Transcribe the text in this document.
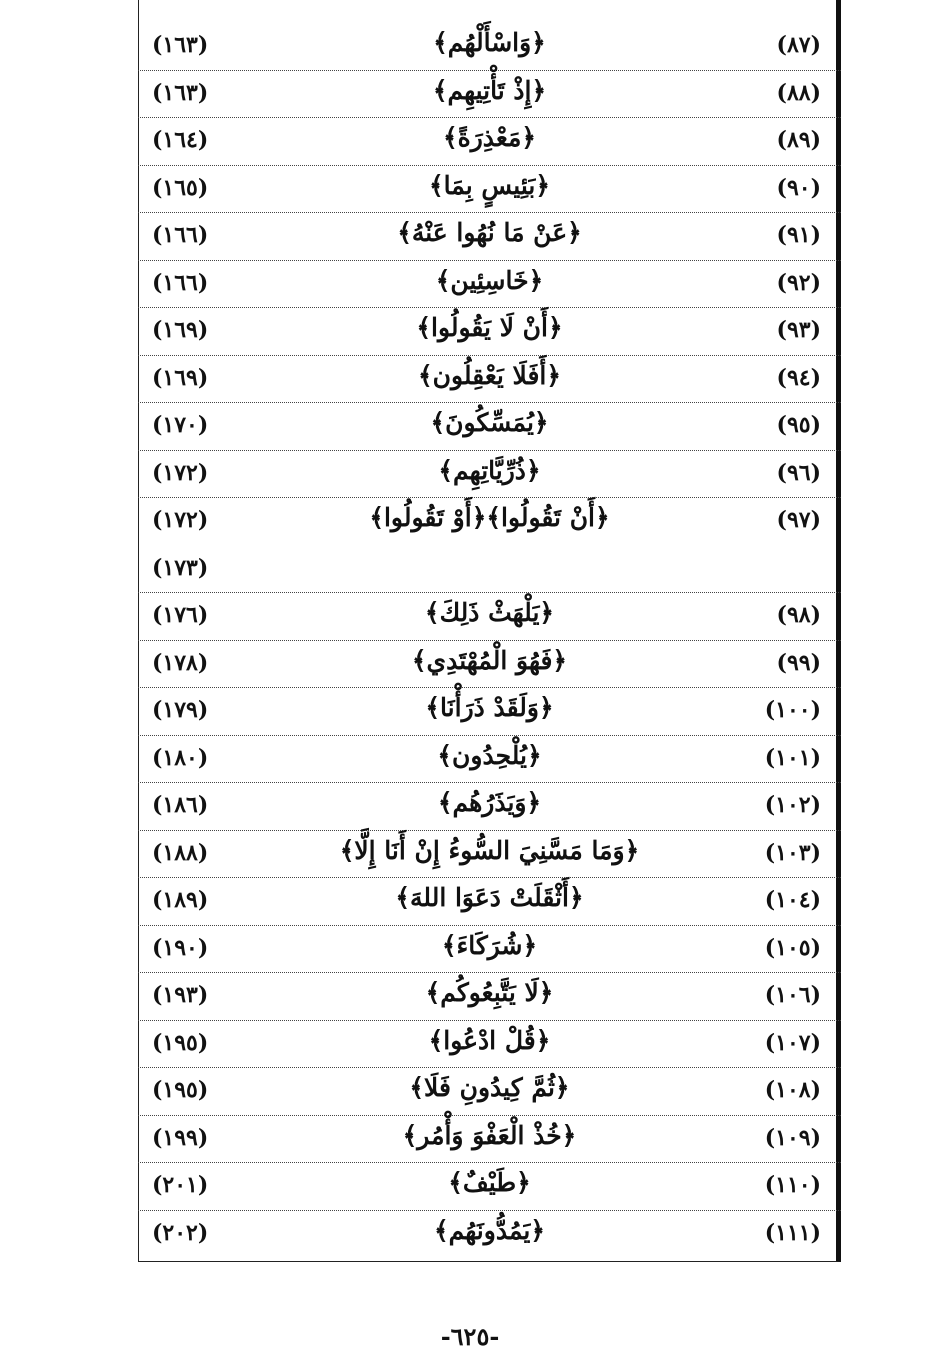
(٨٧)
﴿وَاسْأَلْهُم﴾
(١٦٣)
(٨٨)
﴿إِذْ تَأْتِيهِم﴾
(١٦٣)
(٨٩)
﴿مَعْذِرَةً﴾
(١٦٤)
(٩٠)
﴿بَئِيسٍ بِمَا﴾
(١٦٥)
(٩١)
﴿عَنْ مَا نُهُوا عَنْهُ﴾
(١٦٦)
(٩٢)
﴿خَاسِئِين﴾
(١٦٦)
(٩٣)
﴿أَنْ لَا يَقُولُوا﴾
(١٦٩)
(٩٤)
﴿أَفَلَا يَعْقِلُون﴾
(١٦٩)
(٩٥)
﴿يُمَسِّكُونَ﴾
(١٧٠)
(٩٦)
﴿ذُرِّيَّاتِهِم﴾
(١٧٢)
(٩٧)
﴿أَنْ تَقُولُوا﴾﴿أَوْ تَقُولُوا﴾
(١٧٢)
(١٧٣)
(٩٨)
﴿يَلْهَثْ ذَلِكَ﴾
(١٧٦)
(٩٩)
﴿فَهُوَ الْمُهْتَدِي﴾
(١٧٨)
(١٠٠)
﴿وَلَقَدْ ذَرَأْنَا﴾
(١٧٩)
(١٠١)
﴿يُلْحِدُون﴾
(١٨٠)
(١٠٢)
﴿وَيَذَرُهُم﴾
(١٨٦)
(١٠٣)
﴿وَمَا مَسَّنِيَ السُّوءُ إِنْ أَنَا إِلَّا﴾
(١٨٨)
(١٠٤)
﴿أَثْقَلَتْ دَعَوَا اللهَ﴾
(١٨٩)
(١٠٥)
﴿شُرَكَاءَ﴾
(١٩٠)
(١٠٦)
﴿لَا يَتَّبِعُوكُم﴾
(١٩٣)
(١٠٧)
﴿قُلْ ادْعُوا﴾
(١٩٥)
(١٠٨)
﴿ثُمَّ كِيدُونِ فَلَا﴾
(١٩٥)
(١٠٩)
﴿خُذْ الْعَفْوَ وَأْمُر﴾
(١٩٩)
(١١٠)
﴿طَيْفٌ﴾
(٢٠١)
(١١١)
﴿يَمُدُّونَهُم﴾
(٢٠٢)
-٦٢٥-
